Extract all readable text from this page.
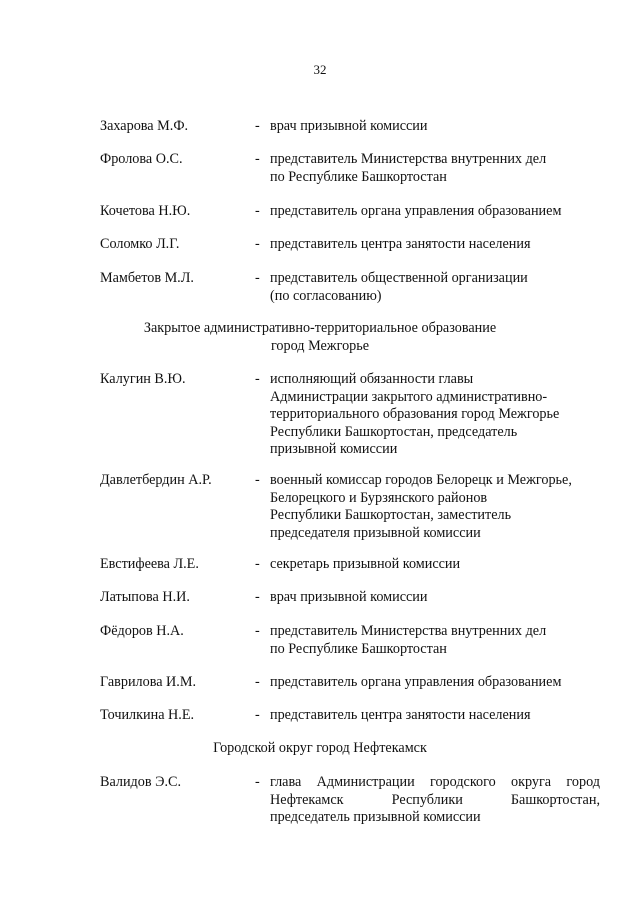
32
Захарова М.Ф.	- врач призывной комиссии
Фролова О.С.	- представитель Министерства внутренних дел
по Республике Башкортостан
Кочетова Н.Ю.	- представитель органа управления образованием
Соломко Л.Г.	- представитель центра занятости населения
Мамбетов М.Л.	- представитель общественной организации
(по согласованию)
Закрытое административно-территориальное образование
город Межгорье
Калугин В.Ю.	- исполняющий обязанности главы
Администрации закрытого административно-
территориального образования город Межгорье
Республики Башкортостан, председатель
призывной комиссии
Давлетбердин А.Р.	- военный комиссар городов Белорецк и Межгорье,
Белорецкого и Бурзянского районов
Республики Башкортостан, заместитель
председателя призывной комиссии
Евстифеева Л.Е.	- секретарь призывной комиссии
Латыпова Н.И.	- врач призывной комиссии
Фёдоров Н.А.	- представитель Министерства внутренних дел
по Республике Башкортостан
Гаврилова И.М.	- представитель органа управления образованием
Точилкина Н.Е.	- представитель центра занятости населения
Городской округ город Нефтекамск
Валидов Э.С.	- глава Администрации городского округа город
Нефтекамск Республики Башкортостан,
председатель призывной комиссии
